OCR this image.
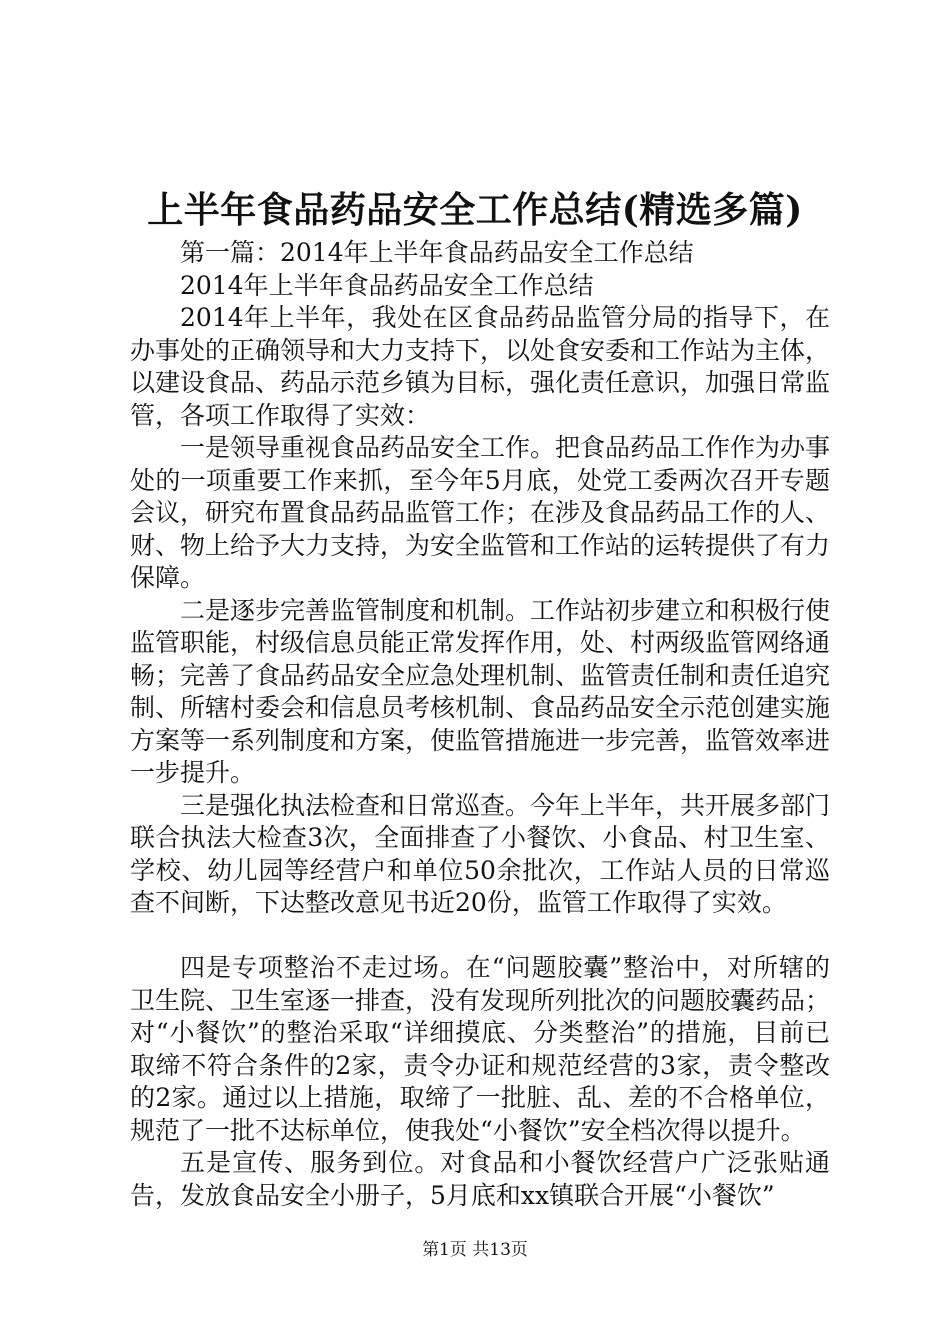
上半年食品药品安全工作总结(精选多篇)

第一篇：2014年上半年食品药品安全工作总结

2014年上半年食品药品安全工作总结

2014年上半年，我处在区食品药品监管分局的指导下，在办事处的正确领导和大力支持下，以处食安委和工作站为主体，以建设食品、药品示范乡镇为目标，强化责任意识，加强日常监管，各项工作取得了实效：

一是领导重视食品药品安全工作。把食品药品工作作为办事处的一项重要工作来抓，至今年5月底，处党工委两次召开专题会议，研究布置食品药品监管工作；在涉及食品药品工作的人、财、物上给予大力支持，为安全监管和工作站的运转提供了有力保障。

二是逐步完善监管制度和机制。工作站初步建立和积极行使监管职能，村级信息员能正常发挥作用，处、村两级监管网络通畅；完善了食品药品安全应急处理机制、监管责任制和责任追究制、所辖村委会和信息员考核机制、食品药品安全示范创建实施方案等一系列制度和方案，使监管措施进一步完善，监管效率进一步提升。

三是强化执法检查和日常巡查。今年上半年，共开展多部门联合执法大检查3次，全面排查了小餐饮、小食品、村卫生室、学校、幼儿园等经营户和单位50余批次，工作站人员的日常巡查不间断，下达整改意见书近20份，监管工作取得了实效。

四是专项整治不走过场。在“问题胶囊”整治中，对所辖的卫生院、卫生室逐一排查，没有发现所列批次的问题胶囊药品；对“小餐饮”的整治采取“详细摸底、分类整治”的措施，目前已取缔不符合条件的2家，责令办证和规范经营的3家，责令整改的2家。通过以上措施，取缔了一批脏、乱、差的不合格单位，规范了一批不达标单位，使我处“小餐饮”安全档次得以提升。

五是宣传、服务到位。对食品和小餐饮经营户广泛张贴通告，发放食品安全小册子，5月底和xx镇联合开展“小餐饮”

第1页 共13页
